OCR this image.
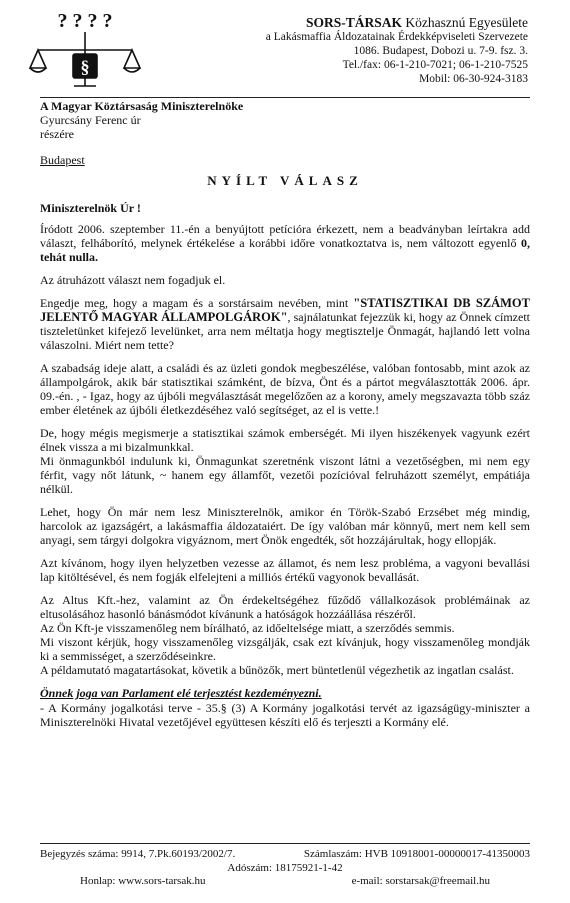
? ? ? ?
§
SORS-TÁRSAK Közhasznú Egyesülete
a Lakásmaffia Áldozatainak Érdekképviseleti Szervezete
1086. Budapest, Dobozi u. 7-9. fsz. 3.
Tel./fax: 06-1-210-7021; 06-1-210-7525
Mobil: 06-30-924-3183
A Magyar Köztársaság Miniszterelnöke
Gyurcsány Ferenc úr
részére
Budapest
NYÍLT VÁLASZ

Miniszterelnök Úr !

Íródott 2006. szeptember 11.-én a benyújtott petícióra érkezett, nem a beadványban leírtakra add választ, felháborító, melynek értékelése a korábbi időre vonatkoztatva is, nem változott egyenlő 0, tehát nulla.

Az átruházott választ nem fogadjuk el.

Engedje meg, hogy a magam és a sorstársaim nevében, mint "STATISZTIKAI DB SZÁMOT JELENTŐ MAGYAR ÁLLAMPOLGÁROK", sajnálatunkat fejezzük ki, hogy az Önnek címzett tiszteletünket kifejező levelünket, arra nem méltatja hogy megtisztelje Önmagát, hajlandó lett volna válaszolni. Miért nem tette?

A szabadság ideje alatt, a családi és az üzleti gondok megbeszélése, valóban fontosabb, mint azok az állampolgárok, akik bár statisztikai számként, de bízva, Önt és a pártot megválasztották 2006. ápr. 09.-én. , - Igaz, hogy az újbóli megválasztását megelőzően az a korony, amely megszavazta több száz ember életének az újbóli életkezdéséhez való segítséget, az el is vette.!

De, hogy mégis megismerje a statisztikai számok emberségét. Mi ilyen hiszékenyek vagyunk ezért élnek vissza a mi bizalmunkkal.

Mi önmagunkból indulunk ki, Önmagunkat szeretnénk viszont látni a vezetőségben, mi nem egy férfit, vagy nőt látunk, ~ hanem egy államfőt, vezetői pozícióval felruházott személyt, empátiája nélkül.

Lehet, hogy Ön már nem lesz Miniszterelnök, amikor én Török-Szabó Erzsébet még mindig, harcolok az igazságért, a lakásmaffia áldozataiért. De így valóban már könnyű, mert nem kell sem anyagi, sem tárgyi dolgokra vigyáznom, mert Önök engedték, sőt hozzájárultak, hogy ellopják.

Azt kívánom, hogy ilyen helyzetben vezesse az államot, és nem lesz probléma, a vagyoni bevallási lap kitöltésével, és nem fogják elfelejteni a milliós értékű vagyonok bevallását.

Az Altus Kft.-hez, valamint az Ön érdekeltségéhez fűződő vállalkozások problémáinak az eltusolásához hasonló bánásmódot kívánunk a hatóságok hozzáállása részéről.

Az Ön Kft-je visszamenőleg nem bírálható, az időeltelsége miatt, a szerződés semmis.

Mi viszont kérjük, hogy visszamenőleg vizsgálják, csak ezt kívánjuk, hogy visszamenőleg mondják ki a semmisséget, a szerződéseinkre.

A példamutató magatartásokat, követik a bűnözők, mert büntetlenül végezhetik az ingatlan csalást.

Önnek joga van Parlament elé terjesztést kezdeményezni.

- A Kormány jogalkotási terve - 35.§ (3) A Kormány jogalkotási tervét az igazságügy-miniszter a Miniszterelnöki Hivatal vezetőjével együttesen készíti elő és terjeszti a Kormány elé.

Bejegyzés száma: 9914, 7.Pk.60193/2002/7.	Számlaszám: HVB 10918001-00000017-41350003
Adószám: 18175921-1-42
Honlap: www.sors-tarsak.hu	e-mail: sorstarsak@freemail.hu
